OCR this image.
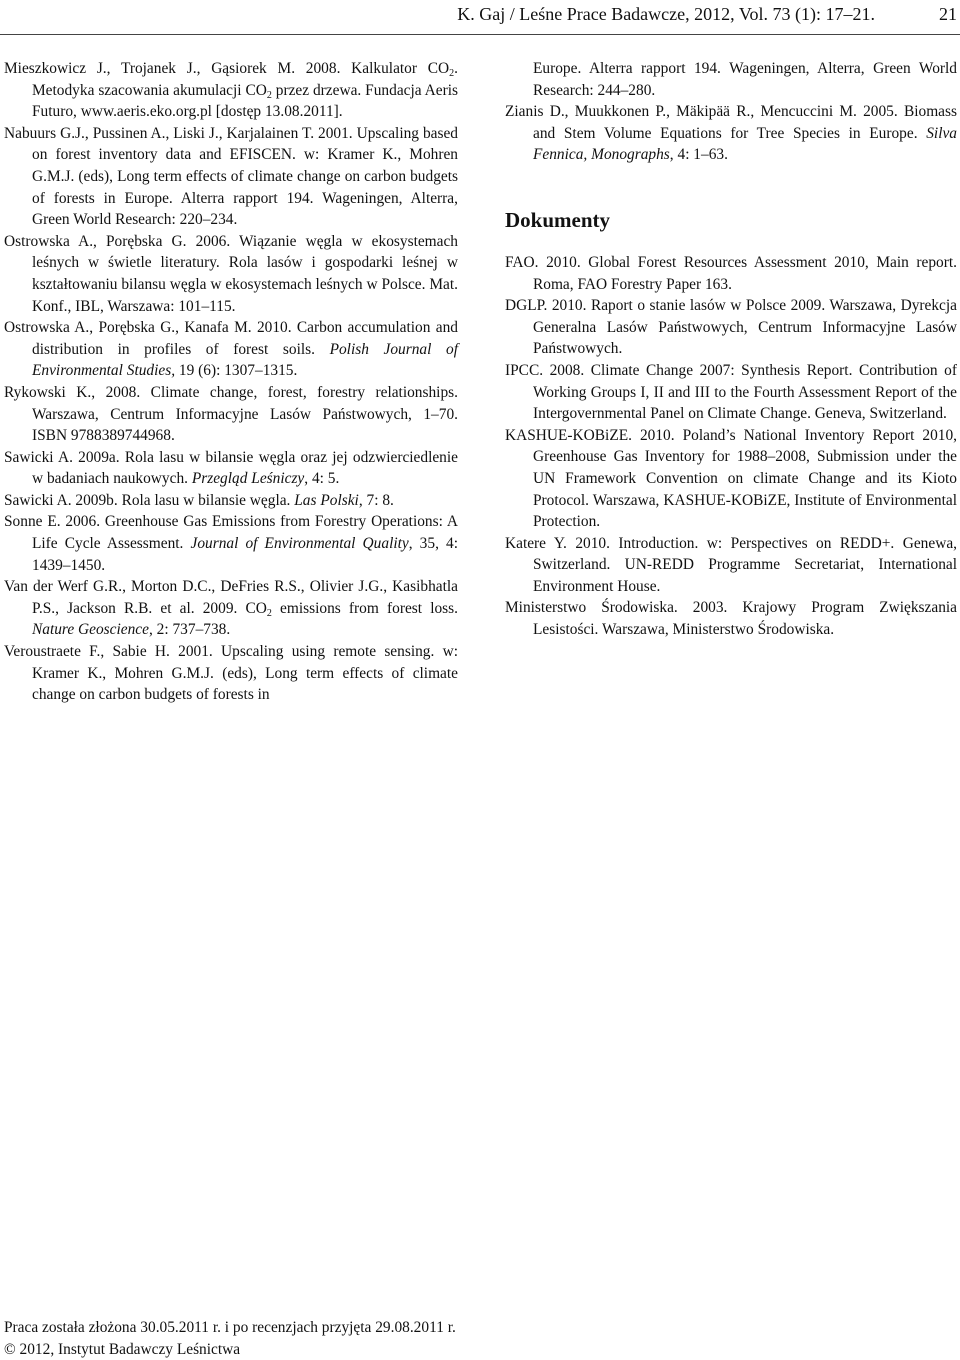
K. Gaj / Leśne Prace Badawcze, 2012, Vol. 73 (1): 17–21.	21

Mieszkowicz J., Trojanek J., Gąsiorek M. 2008. Kalkulator $CO_2$. Metodyka szacowania akumulacji $CO_2$ przez drzewa. Fundacja Aeris Futuro, www.aeris.eko.org.pl [dostęp 13.08.2011].

Nabuurs G.J., Pussinen A., Liski J., Karjalainen T. 2001. Upscaling based on forest inventory data and EFISCEN. w: Kramer K., Mohren G.M.J. (eds), Long term effects of climate change on carbon budgets of forests in Europe. Alterra rapport 194. Wageningen, Alterra, Green World Research: 220–234.

Ostrowska A., Porębska G. 2006. Wiązanie węgla w ekosystemach leśnych w świetle literatury. Rola lasów i gospodarki leśnej w kształtowaniu bilansu węgla w ekosystemach leśnych w Polsce. Mat. Konf., IBL, Warszawa: 101–115.

Ostrowska A., Porębska G., Kanafa M. 2010. Carbon accumulation and distribution in profiles of forest soils. Polish Journal of Environmental Studies, 19 (6): 1307–1315.

Rykowski K., 2008. Climate change, forest, forestry relationships. Warszawa, Centrum Informacyjne Lasów Państwowych, 1–70. ISBN 9788389744968.

Sawicki A. 2009a. Rola lasu w bilansie węgla oraz jej odzwierciedlenie w badaniach naukowych. Przegląd Leśniczy, 4: 5.

Sawicki A. 2009b. Rola lasu w bilansie węgla. Las Polski, 7: 8.

Sonne E. 2006. Greenhouse Gas Emissions from Forestry Operations: A Life Cycle Assessment. Journal of Environmental Quality, 35, 4: 1439–1450.

Van der Werf G.R., Morton D.C., DeFries R.S., Olivier J.G., Kasibhatla P.S., Jackson R.B. et al. 2009. $CO_2$ emissions from forest loss. Nature Geoscience, 2: 737–738.

Veroustraete F., Sabie H. 2001. Upscaling using remote sensing. w: Kramer K., Mohren G.M.J. (eds), Long term effects of climate change on carbon budgets of forests in

Europe. Alterra rapport 194. Wageningen, Alterra, Green World Research: 244–280.

Zianis D., Muukkonen P., Mäkipää R., Mencuccini M. 2005. Biomass and Stem Volume Equations for Tree Species in Europe. Silva Fennica, Monographs, 4: 1–63.

Dokumenty

FAO. 2010. Global Forest Resources Assessment 2010, Main report. Roma, FAO Forestry Paper 163.

DGLP. 2010. Raport o stanie lasów w Polsce 2009. Warszawa, Dyrekcja Generalna Lasów Państwowych, Centrum Informacyjne Lasów Państwowych.

IPCC. 2008. Climate Change 2007: Synthesis Report. Contribution of Working Groups I, II and III to the Fourth Assessment Report of the Intergovernmental Panel on Climate Change. Geneva, Switzerland.

KASHUE-KOBiZE. 2010. Poland’s National Inventory Report 2010, Greenhouse Gas Inventory for 1988–2008, Submission under the UN Framework Convention on climate Change and its Kioto Protocol. Warszawa, KASHUE-KOBiZE, Institute of Environmental Protection.

Katere Y. 2010. Introduction. w: Perspectives on REDD+. Genewa, Switzerland. UN-REDD Programme Secretariat, International Environment House.

Ministerstwo Środowiska. 2003. Krajowy Program Zwiększania Lesistości. Warszawa, Ministerstwo Środowiska.

Praca została złożona 30.05.2011 r. i po recenzjach przyjęta 29.08.2011 r.

© 2012, Instytut Badawczy Leśnictwa
